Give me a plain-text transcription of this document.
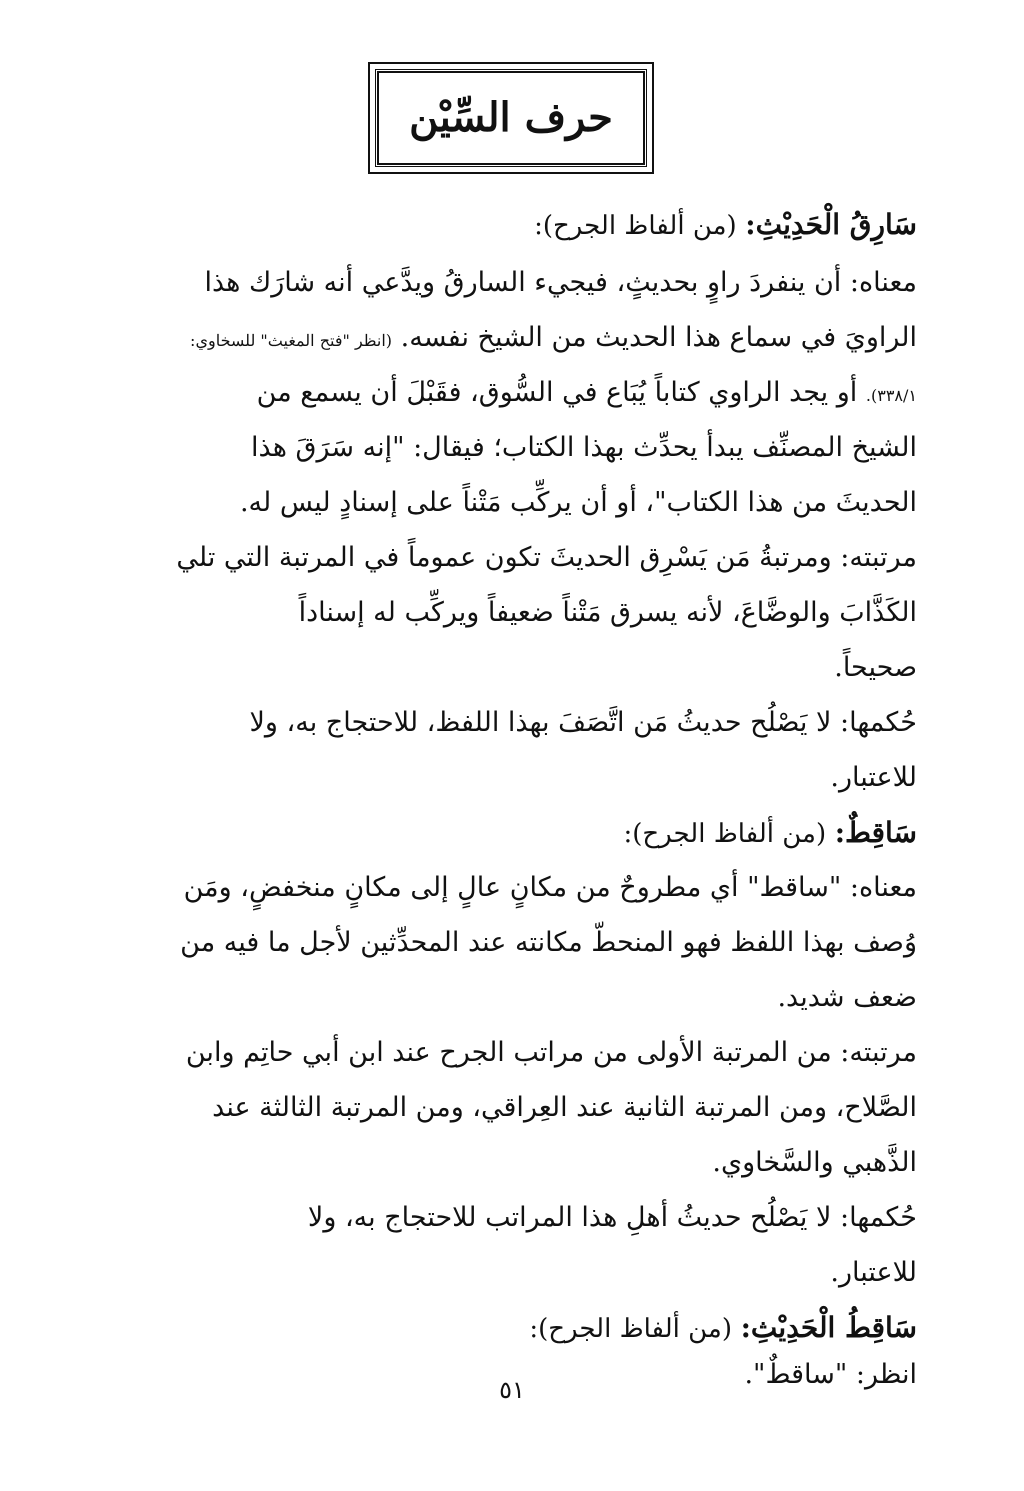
حرف السِّيْن

سَارِقُ الْحَدِيْثِ: (من ألفاظ الجرح):

معناه: أن ينفردَ راوٍ بحديثٍ، فيجيء السارقُ ويدَّعي أنه شارَك هذا

الراويَ في سماع هذا الحديث من الشيخ نفسه. (انظر "فتح المغيث" للسخاوي:

٣٣٨/١). أو يجد الراوي كتاباً يُبَاع في السُّوق، فقَبْلَ أن يسمع من

الشيخ المصنِّف يبدأ يحدِّث بهذا الكتاب؛ فيقال: "إنه سَرَقَ هذا

الحديثَ من هذا الكتاب"، أو أن يركِّب مَتْناً على إسنادٍ ليس له.

مرتبته: ومرتبةُ مَن يَسْرِق الحديثَ تكون عموماً في المرتبة التي تلي

الكَذَّابَ والوضَّاعَ، لأنه يسرق مَتْناً ضعيفاً ويركِّب له إسناداً

صحيحاً.

حُكمها: لا يَصْلُح حديثُ مَن اتَّصَفَ بهذا اللفظ، للاحتجاج به، ولا

للاعتبار.

سَاقِطٌ: (من ألفاظ الجرح):

معناه: "ساقط" أي مطروحٌ من مكانٍ عالٍ إلى مكانٍ منخفضٍ، ومَن

وُصف بهذا اللفظ فهو المنحطّ مكانته عند المحدِّثين لأجل ما فيه من

ضعف شديد.

مرتبته: من المرتبة الأولى من مراتب الجرح عند ابن أبي حاتِم وابن

الصَّلاح، ومن المرتبة الثانية عند العِراقي، ومن المرتبة الثالثة عند

الذَّهبي والسَّخاوي.

حُكمها: لا يَصْلُح حديثُ أهلِ هذا المراتب للاحتجاج به، ولا

للاعتبار.

سَاقِطُ الْحَدِيْثِ: (من ألفاظ الجرح):

انظر: "ساقطٌ".

٥١
